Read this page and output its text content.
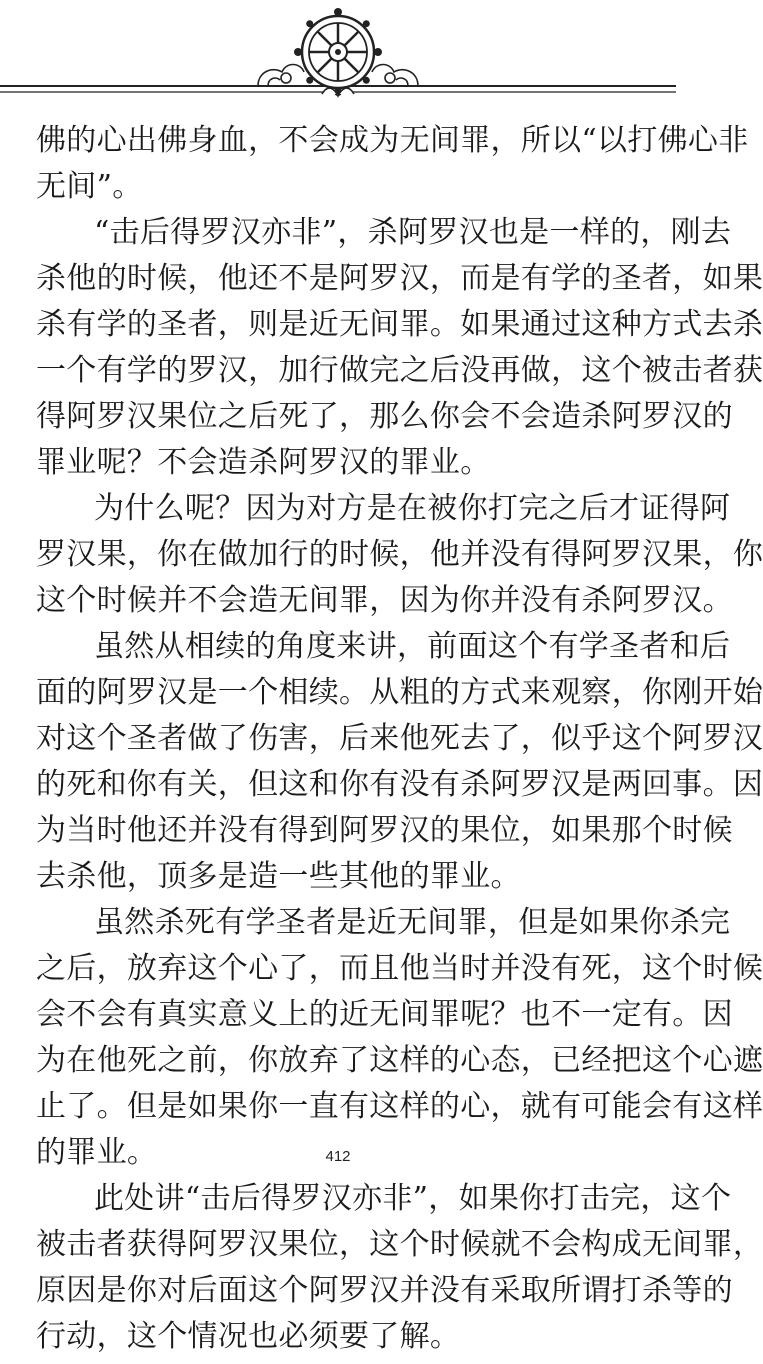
佛的心出佛身血，不会成为无间罪，所以“以打佛心非
无间”。
“击后得罗汉亦非”，杀阿罗汉也是一样的，刚去
杀他的时候，他还不是阿罗汉，而是有学的圣者，如果
杀有学的圣者，则是近无间罪。如果通过这种方式去杀
一个有学的罗汉，加行做完之后没再做，这个被击者获
得阿罗汉果位之后死了，那么你会不会造杀阿罗汉的
罪业呢？不会造杀阿罗汉的罪业。
为什么呢？因为对方是在被你打完之后才证得阿
罗汉果，你在做加行的时候，他并没有得阿罗汉果，你
这个时候并不会造无间罪，因为你并没有杀阿罗汉。
虽然从相续的角度来讲，前面这个有学圣者和后
面的阿罗汉是一个相续。从粗的方式来观察，你刚开始
对这个圣者做了伤害，后来他死去了，似乎这个阿罗汉
的死和你有关，但这和你有没有杀阿罗汉是两回事。因
为当时他还并没有得到阿罗汉的果位，如果那个时候
去杀他，顶多是造一些其他的罪业。
虽然杀死有学圣者是近无间罪，但是如果你杀完
之后，放弃这个心了，而且他当时并没有死，这个时候
会不会有真实意义上的近无间罪呢？也不一定有。因
为在他死之前，你放弃了这样的心态，已经把这个心遮
止了。但是如果你一直有这样的心，就有可能会有这样
的罪业。
此处讲“击后得罗汉亦非”，如果你打击完，这个
被击者获得阿罗汉果位，这个时候就不会构成无间罪，
原因是你对后面这个阿罗汉并没有采取所谓打杀等的
行动，这个情况也必须要了解。
412
